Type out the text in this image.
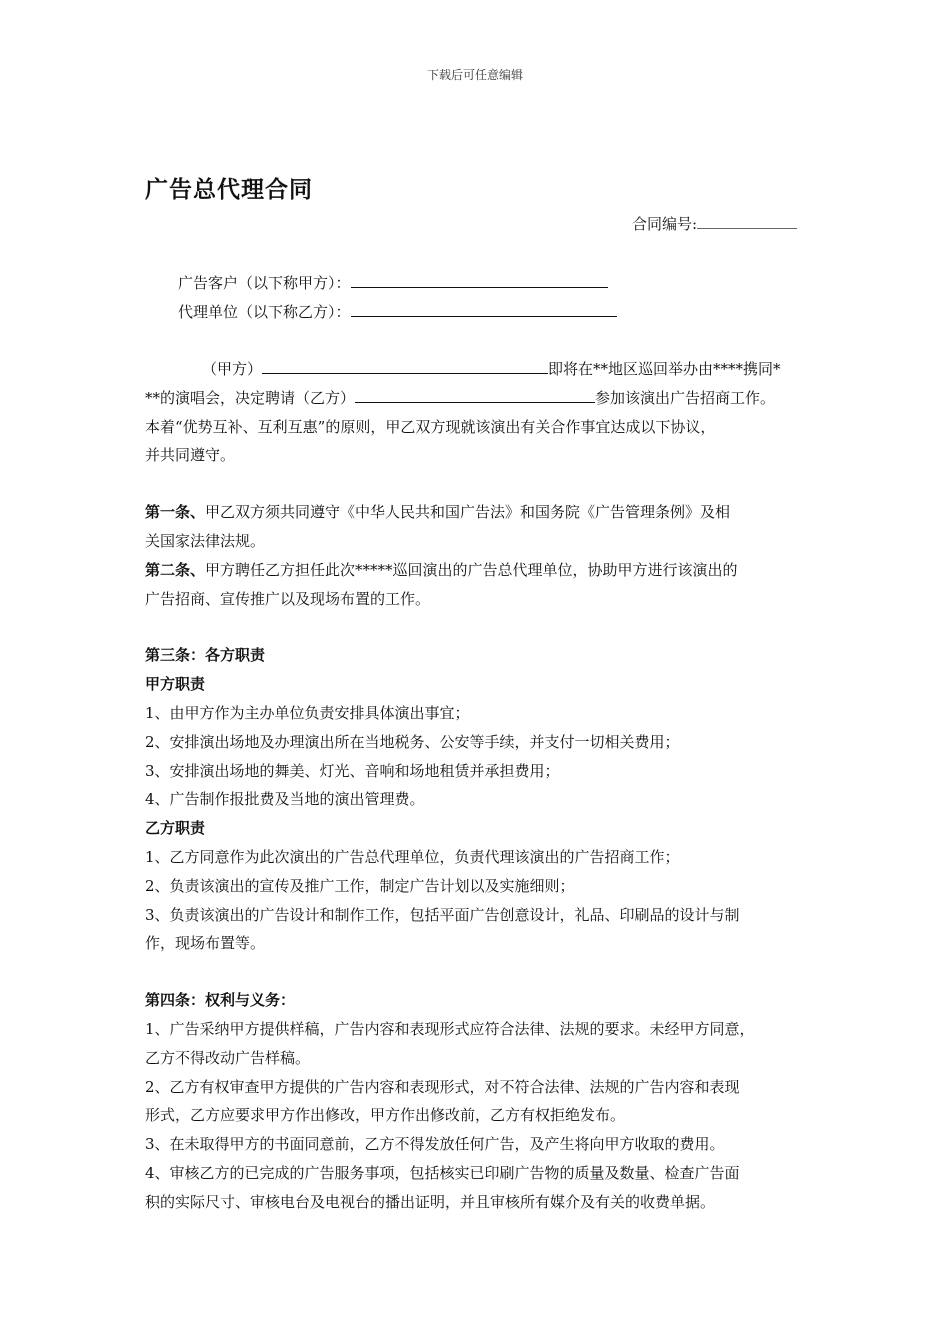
下载后可任意编辑
广告总代理合同
合同编号:
广告客户（以下称甲方）：
代理单位（以下称乙方）：

（甲方）	即将在**地区巡回举办由****携同*

**的演唱会，决定聘请（乙方）	参加该演出广告招商工作。

本着“优势互补、互利互惠”的原则，甲乙双方现就该演出有关合作事宜达成以下协议，

并共同遵守。

第一条、甲乙双方须共同遵守《中华人民共和国广告法》和国务院《广告管理条例》及相

关国家法律法规。

第二条、甲方聘任乙方担任此次*****巡回演出的广告总代理单位，协助甲方进行该演出的

广告招商、宣传推广以及现场布置的工作。

第三条：各方职责

甲方职责

1、由甲方作为主办单位负责安排具体演出事宜；

2、安排演出场地及办理演出所在当地税务、公安等手续，并支付一切相关费用；

3、安排演出场地的舞美、灯光、音响和场地租赁并承担费用；

4、广告制作报批费及当地的演出管理费。

乙方职责

1、乙方同意作为此次演出的广告总代理单位，负责代理该演出的广告招商工作；

2、负责该演出的宣传及推广工作，制定广告计划以及实施细则；

3、负责该演出的广告设计和制作工作，包括平面广告创意设计，礼品、印刷品的设计与制

作，现场布置等。

第四条：权利与义务：

1、广告采纳甲方提供样稿，广告内容和表现形式应符合法律、法规的要求。未经甲方同意，

乙方不得改动广告样稿。

2、乙方有权审查甲方提供的广告内容和表现形式，对不符合法律、法规的广告内容和表现

形式，乙方应要求甲方作出修改，甲方作出修改前，乙方有权拒绝发布。

3、在未取得甲方的书面同意前，乙方不得发放任何广告，及产生将向甲方收取的费用。

4、审核乙方的已完成的广告服务事项，包括核实已印刷广告物的质量及数量、检查广告面

积的实际尺寸、审核电台及电视台的播出证明，并且审核所有媒介及有关的收费单据。
